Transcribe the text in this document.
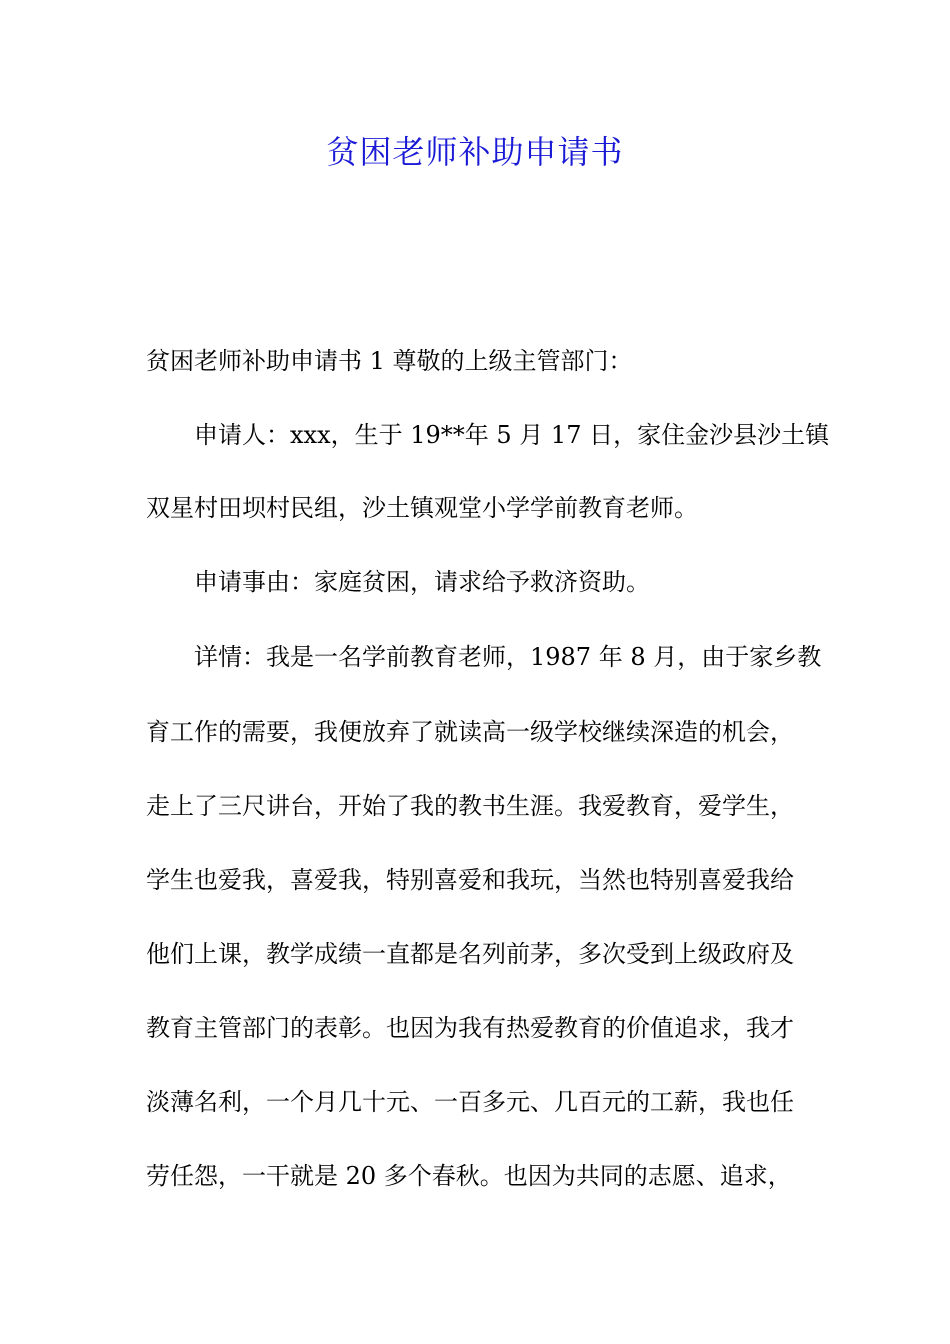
贫困老师补助申请书
贫困老师补助申请书 1 尊敬的上级主管部门：
申请人：xxx，生于 19**年 5 月 17 日，家住金沙县沙土镇
双星村田坝村民组，沙土镇观堂小学学前教育老师。
申请事由：家庭贫困，请求给予救济资助。
详情：我是一名学前教育老师，1987 年 8 月，由于家乡教
育工作的需要，我便放弃了就读高一级学校继续深造的机会，
走上了三尺讲台，开始了我的教书生涯。我爱教育，爱学生，
学生也爱我，喜爱我，特别喜爱和我玩，当然也特别喜爱我给
他们上课，教学成绩一直都是名列前茅，多次受到上级政府及
教育主管部门的表彰。也因为我有热爱教育的价值追求，我才
淡薄名利，一个月几十元、一百多元、几百元的工薪，我也任
劳任怨，一干就是 20 多个春秋。也因为共同的志愿、追求，
